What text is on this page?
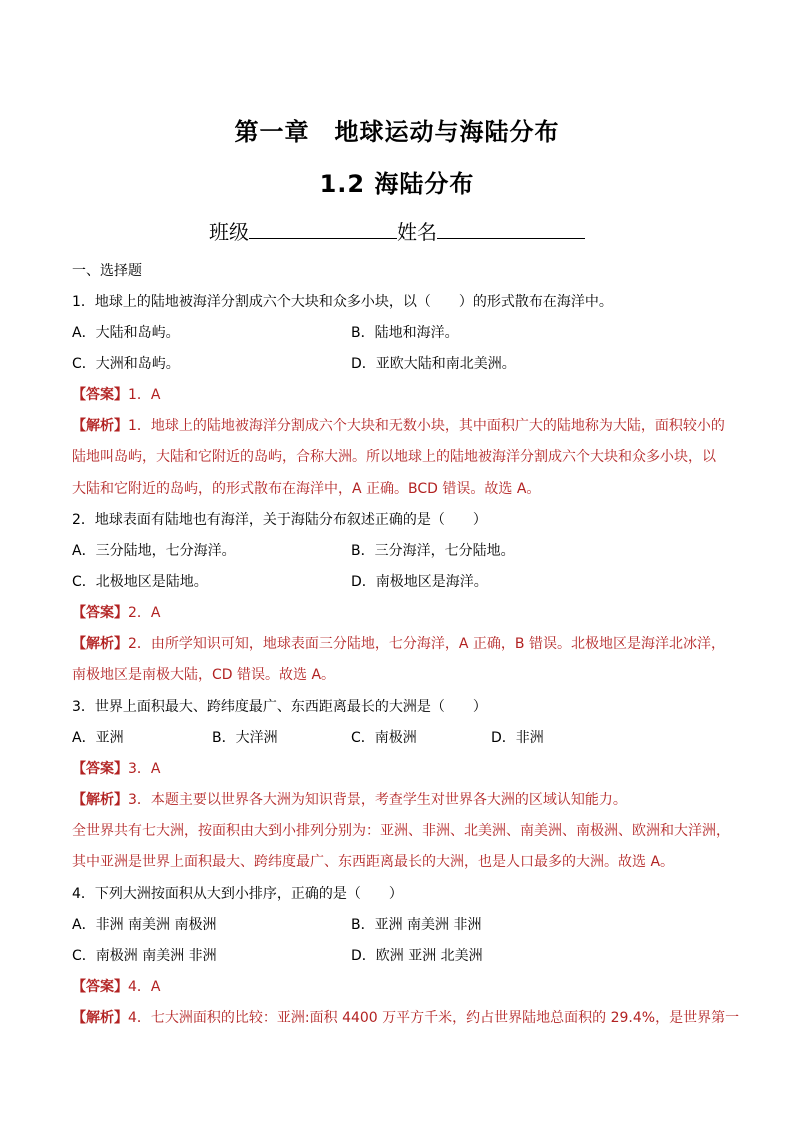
第一章　地球运动与海陆分布
1.2 海陆分布
班级	姓名
一、选择题
1．地球上的陆地被海洋分割成六个大块和众多小块，以（　　）的形式散布在海洋中。
A．大陆和岛屿。	B．陆地和海洋。
C．大洲和岛屿。	D．亚欧大陆和南北美洲。
【答案】1．A
【解析】1．地球上的陆地被海洋分割成六个大块和无数小块，其中面积广大的陆地称为大陆，面积较小的
陆地叫岛屿，大陆和它附近的岛屿，合称大洲。所以地球上的陆地被海洋分割成六个大块和众多小块，以
大陆和它附近的岛屿，的形式散布在海洋中，A 正确。BCD 错误。故选 A。
2．地球表面有陆地也有海洋，关于海陆分布叙述正确的是（　　）
A．三分陆地，七分海洋。	B．三分海洋，七分陆地。
C．北极地区是陆地。	D．南极地区是海洋。
【答案】2．A
【解析】2．由所学知识可知，地球表面三分陆地，七分海洋，A 正确，B 错误。北极地区是海洋北冰洋，
南极地区是南极大陆，CD 错误。故选 A。
3．世界上面积最大、跨纬度最广、东西距离最长的大洲是（　　）
A．亚洲	B．大洋洲	C．南极洲	D．非洲
【答案】3．A
【解析】3．本题主要以世界各大洲为知识背景，考查学生对世界各大洲的区域认知能力。
全世界共有七大洲，按面积由大到小排列分别为：亚洲、非洲、北美洲、南美洲、南极洲、欧洲和大洋洲，
其中亚洲是世界上面积最大、跨纬度最广、东西距离最长的大洲，也是人口最多的大洲。故选 A。
4．下列大洲按面积从大到小排序，正确的是（　　）
A．非洲 南美洲 南极洲	B．亚洲 南美洲 非洲
C．南极洲 南美洲 非洲	D．欧洲 亚洲 北美洲
【答案】4．A
【解析】4．七大洲面积的比较：亚洲:面积 4400 万平方千米，约占世界陆地总面积的 29.4%，是世界第一
